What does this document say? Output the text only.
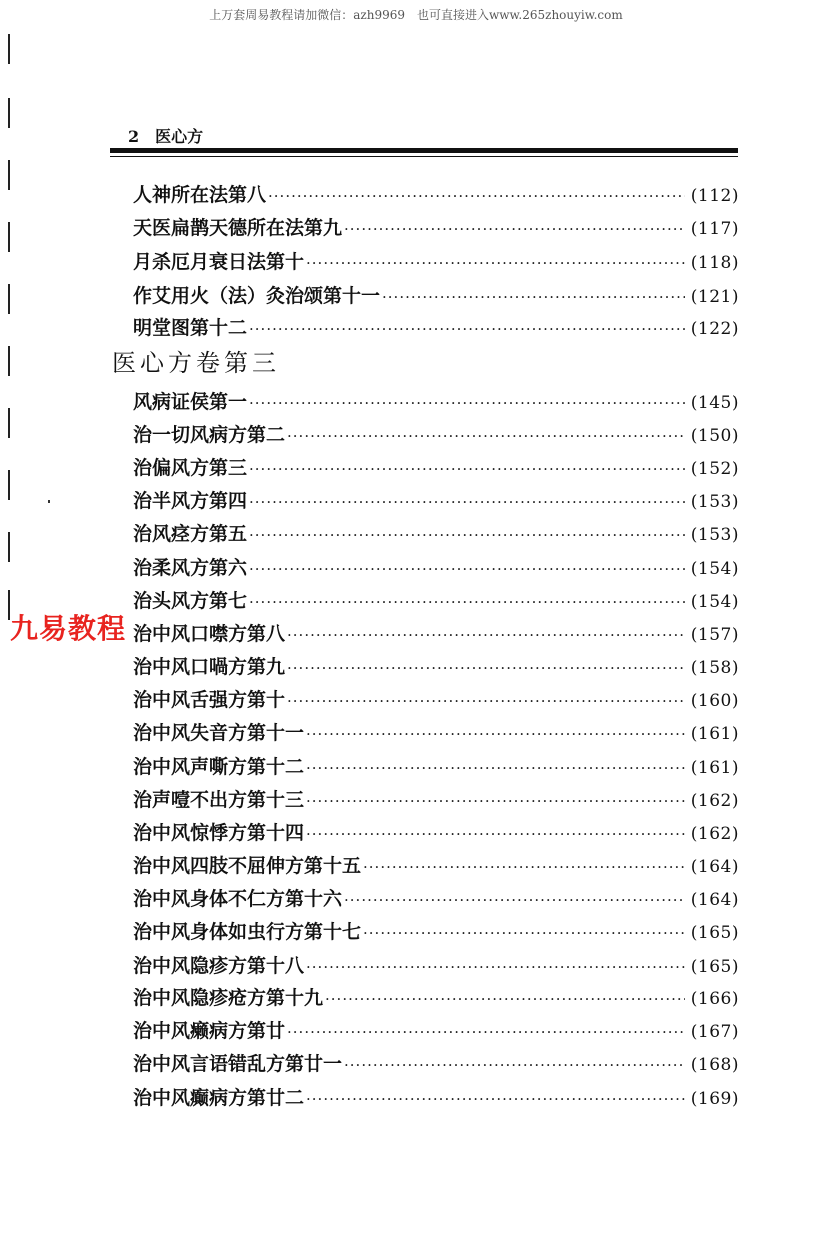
上万套周易教程请加微信：azh9969　也可直接进入www.265zhouyiw.com
2 医心方
人神所在法第八 ·····	(112)
天医扁鹊天德所在法第九 ·····	(117)
月杀厄月衰日法第十 ·····	(118)
作艾用火（法）灸治颂第十一 ·····	(121)
明堂图第十二 ·····	(122)
医心方卷第三
风病证侯第一 ·····	(145)
治一切风病方第二 ·····	(150)
治偏风方第三 ·····	(152)
治半风方第四 ·····	(153)
治风痉方第五 ·····	(153)
治柔风方第六 ·····	(154)
治头风方第七 ·····	(154)
治中风口噤方第八 ·····	(157)
治中风口喎方第九 ·····	(158)
治中风舌强方第十 ·····	(160)
治中风失音方第十一 ·····	(161)
治中风声嘶方第十二 ·····	(161)
治声噎不出方第十三 ·····	(162)
治中风惊悸方第十四 ·····	(162)
治中风四肢不屈伸方第十五 ·····	(164)
治中风身体不仁方第十六 ·····	(164)
治中风身体如虫行方第十七 ·····	(165)
治中风隐疹方第十八 ·····	(165)
治中风隐疹疮方第十九 ·····	(166)
治中风癞病方第廿 ·····	(167)
治中风言语错乱方第廿一 ·····	(168)
治中风癫病方第廿二 ·····	(169)
九易教程
